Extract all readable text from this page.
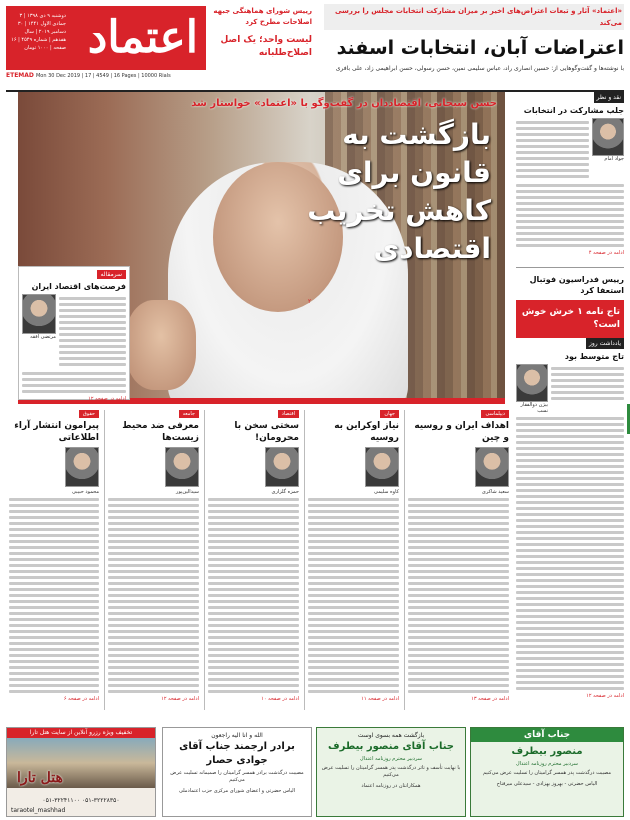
اعتماد
دوشنبه ۹ دی ۱۳۹۸ | ۳ جمادی الاول ۱۴۴۱ | ۳۰ دسامبر ۲۰۱۹ | سال هفدهم | شماره ۴۵۴۹ | ۱۶ صفحه | ۱۰۰۰ تومان
ETEMAD Mon 30 Dec 2019 | 17 | 4549 | 16 Pages | 10000 Rials
رییس شورای هماهنگی جبهه اصلاحات مطرح کرد
لیست واحد؛ یک اصل اصلاح‌طلبانه
«اعتماد» آثار و تبعات اعتراض‌های اخیر بر میزان مشارکت انتخابات مجلس را بررسی می‌کند
اعتراضات آبان، انتخابات اسفند
با نوشته‌ها و گفت‌وگوهایی از: حسین انصاری راد، عباس سلیمی نمین، حسن رسولی، حسن ابراهیمی زاد، علی بافری
حسن سبحانی، اقتصاددان در گفت‌وگو با «اعتماد» خواستار شد
بازگشت به قانون برای کاهش تخریب اقتصادی
۲
سرمقاله
فرصت‌های اقتصاد ایران
مرتضی افقه
ادامه در صفحه ۱۲
نقد و نظر
جلب مشارکت در انتخابات
جواد امام
ادامه در صفحه ۴
رییس فدراسیون فوتبال استعفا کرد
تاج نامه ۱ خرش خوش است؟
یادداشت روز
تاج متوسط بود
بیژن ذوالفقار نسب
ادامه در صفحه ۱۲
دیپلماسی
اهداف ایران و روسیه و چین
سعید شاکری
ادامه در صفحه ۱۳
جهان
نیاز اوکراین به روسیه
کاوه سلیمی
ادامه در صفحه ۱۱
اقتصاد
سختی سخن با محرومان!
حمزه گلزاری
ادامه در صفحه ۱۰
جامعه
معرفی ضد محیط زیست‌ها
سیدالین‌پور
ادامه در صفحه ۱۲
حقوق
پیرامون انتشار آراء اطلاعاتی
محمود حبیبی
ادامه در صفحه ۶
تخفیف ویژه رزرو آنلاین از سایت هتل تارا
هتل تارا
۰۵۱-۳۲۲۴۱۱۰۰ ۰۵۱-۳۲۲۲۸۳۵۰
taraotel_mashhad
الله و انا الیه راجعون
برادر ارجمند جناب آقای جوادی حصار
مصیبت درگذشت برادر همسر گرامیتان را صمیمانه تسلیت عرض می‌کنیم
الیاس حضرتی و اعضای شورای مرکزی حزب اعتمادملی
بازگشت همه بسوی اوست
جناب آقای منصور بیطرف
سردبیر محترم روزنامه اعتدال
با نهایت تأسف و تاثر درگذشت پدر همسر گرامیتان را تسلیت عرض می‌کنیم
همکارانتان در روزنامه اعتماد
جناب آقای
منصور بیطرف
سردبیر محترم روزنامه اعتدال
مصیبت درگذشت پدر همسر گرامیتان را تسلیت عرض می‌کنیم
الیاس حضرتی - بهروز بهزادی - سیدعلی میرفتاح
